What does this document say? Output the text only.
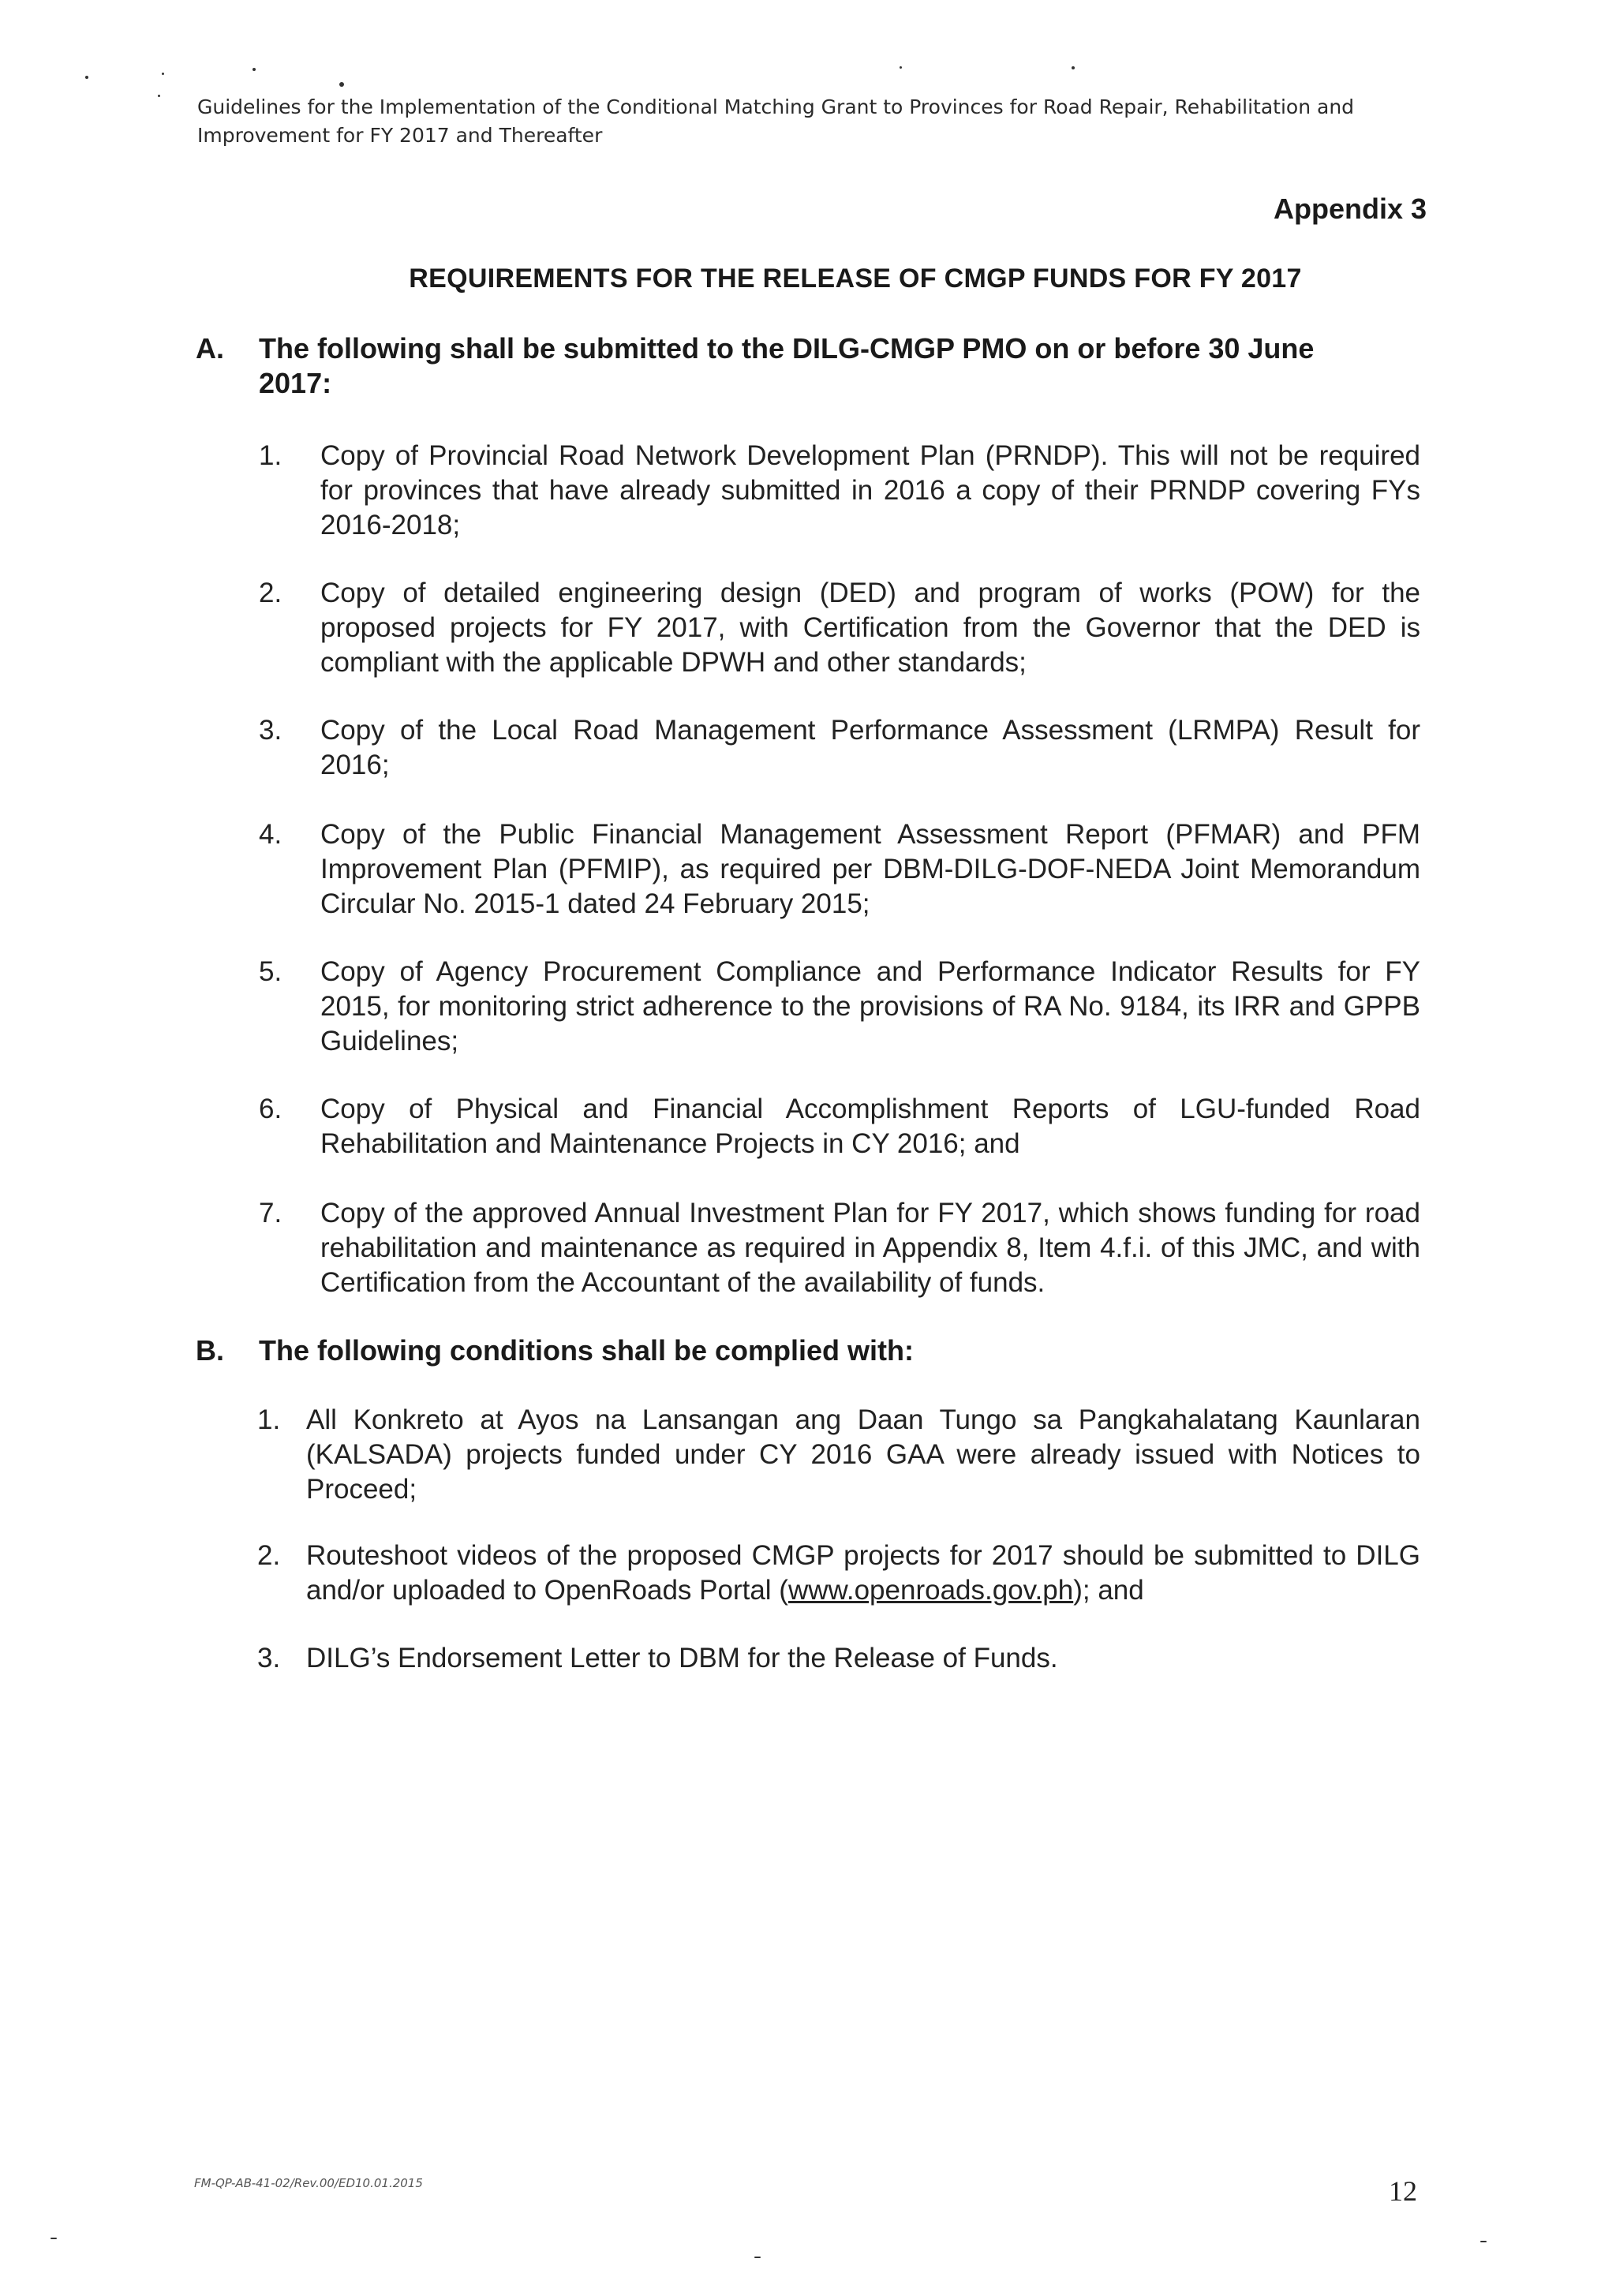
Guidelines for the Implementation of the Conditional Matching Grant to Provinces for Road Repair, Rehabilitation and Improvement for FY 2017 and Thereafter
Appendix 3
REQUIREMENTS FOR THE RELEASE OF CMGP FUNDS FOR FY 2017
A. The following shall be submitted to the DILG-CMGP PMO on or before 30 June 2017:
1. Copy of Provincial Road Network Development Plan (PRNDP). This will not be required for provinces that have already submitted in 2016 a copy of their PRNDP covering FYs 2016-2018;
2. Copy of detailed engineering design (DED) and program of works (POW) for the proposed projects for FY 2017, with Certification from the Governor that the DED is compliant with the applicable DPWH and other standards;
3. Copy of the Local Road Management Performance Assessment (LRMPA) Result for 2016;
4. Copy of the Public Financial Management Assessment Report (PFMAR) and PFM Improvement Plan (PFMIP), as required per DBM-DILG-DOF-NEDA Joint Memorandum Circular No. 2015-1 dated 24 February 2015;
5. Copy of Agency Procurement Compliance and Performance Indicator Results for FY 2015, for monitoring strict adherence to the provisions of RA No. 9184, its IRR and GPPB Guidelines;
6. Copy of Physical and Financial Accomplishment Reports of LGU-funded Road Rehabilitation and Maintenance Projects in CY 2016; and
7. Copy of the approved Annual Investment Plan for FY 2017, which shows funding for road rehabilitation and maintenance as required in Appendix 8, Item 4.f.i. of this JMC, and with Certification from the Accountant of the availability of funds.
B. The following conditions shall be complied with:
1. All Konkreto at Ayos na Lansangan ang Daan Tungo sa Pangkahalatang Kaunlaran (KALSADA) projects funded under CY 2016 GAA were already issued with Notices to Proceed;
2. Routeshoot videos of the proposed CMGP projects for 2017 should be submitted to DILG and/or uploaded to OpenRoads Portal (www.openroads.gov.ph); and
3. DILG’s Endorsement Letter to DBM for the Release of Funds.
FM-QP-AB-41-02/Rev.00/ED10.01.2015	12
